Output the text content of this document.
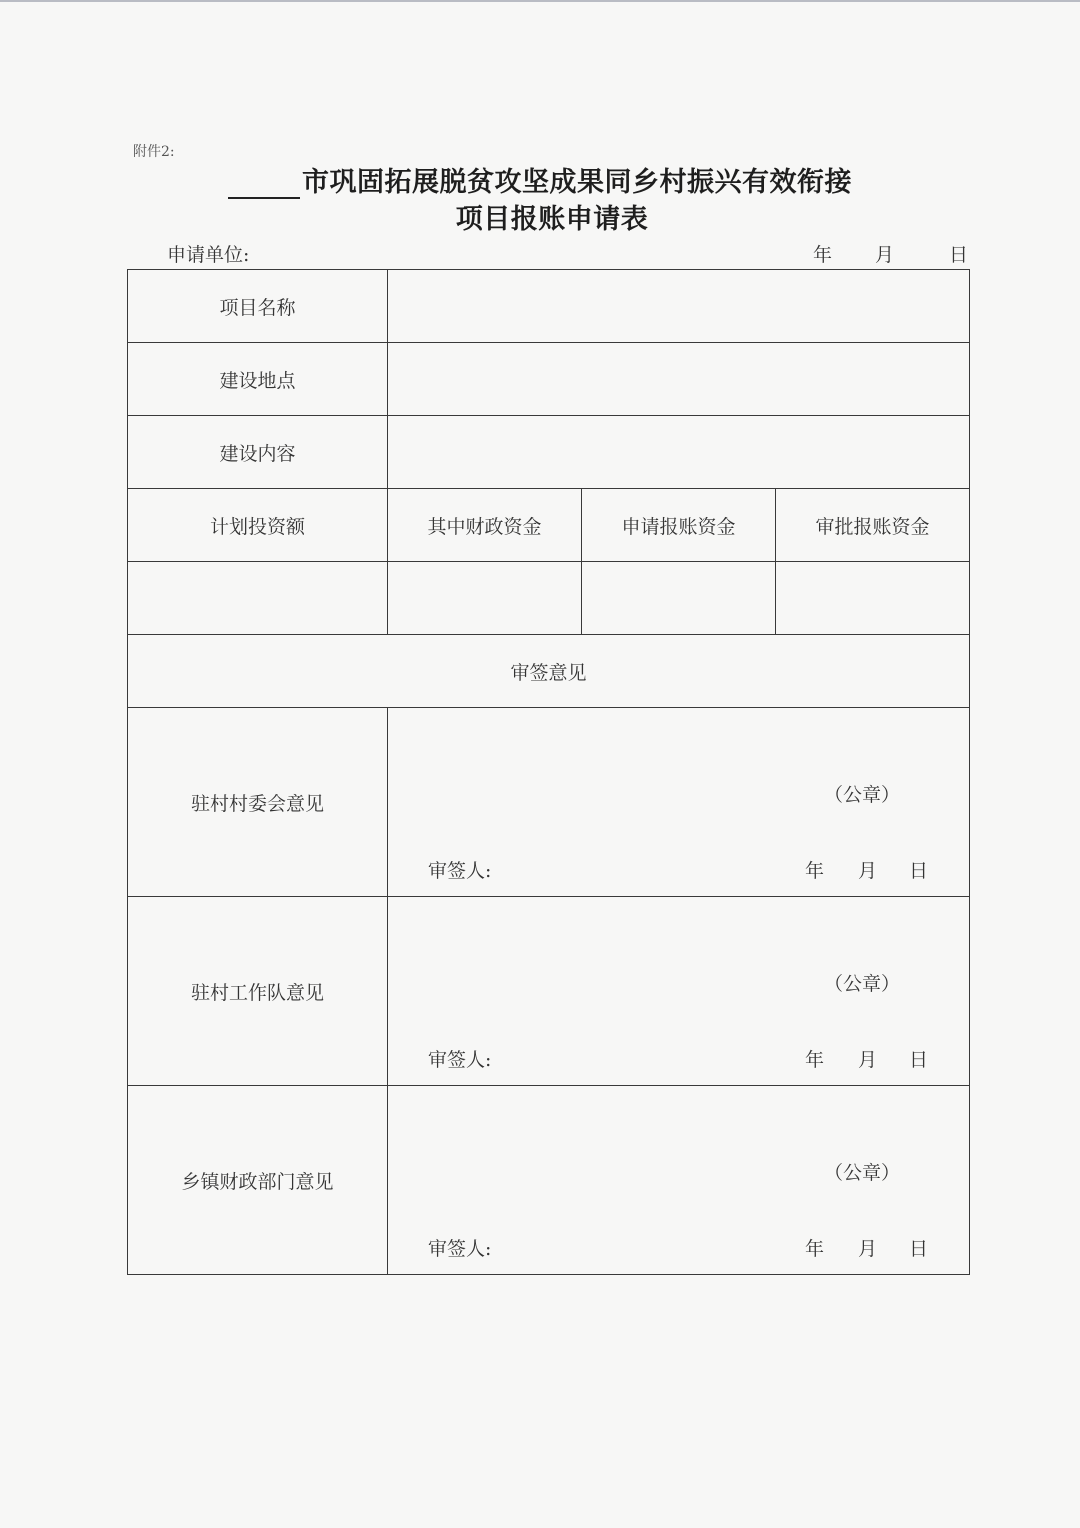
附件2:
市巩固拓展脱贫攻坚成果同乡村振兴有效衔接
项目报账申请表
申请单位:	年 月	日
项目名称			
建设地点			
建设内容			
计划投资额	其中财政资金	申请报账资金	审批报账资金

审签意见			
驻村村委会意见	（公章）
审签人: 年 月 日		

驻村工作队意见	（公章）
审签人: 年 月 日		

乡镇财政部门意见	（公章）
审签人: 年 月 日		
